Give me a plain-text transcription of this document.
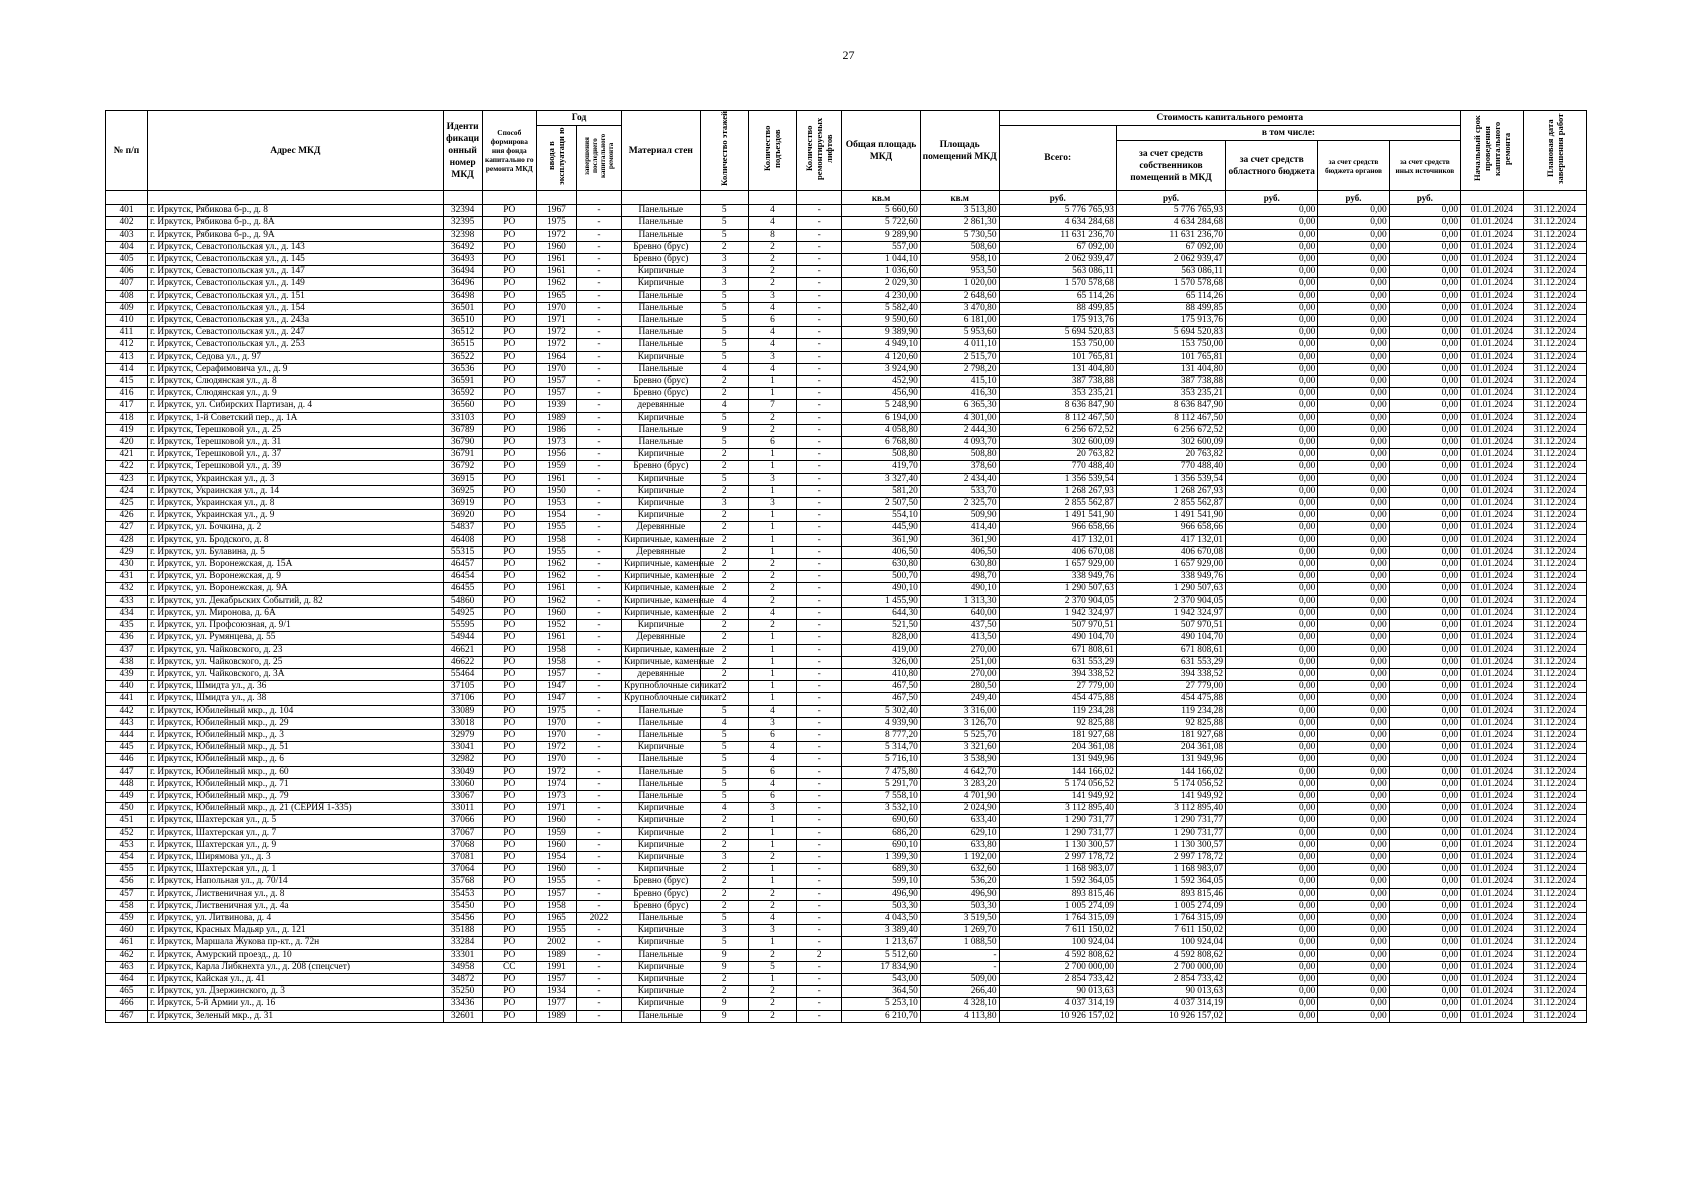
27
№ п/п	Адрес МКД	Иденти фикаци онный номер МКД	Способ формирова ния фонда капитально го ремонта МКД	Год		Материал стен	Количество этажей	Количество подъездов	Количество ремонтируемых лифтов	Общая площадь МКД	Площадь помещений МКД	Стоимость капитального ремонта					Начальный срок проведения капитального ремонта	Плановая дата завершения работ
				ввода в эксплуатаци ю	завершения последнего капитального ремонта							Всего:	в том числе:					
													за счет средств собственников помещений в МКД	за счет средств областного бюджета	за счет средств бюджета органов	за счет средств иных источников		
										кв.м	кв.м	руб.	руб.	руб.	руб.	руб.		
401	г. Иркутск, Рябикова б-р., д. 8	32394	РО	1967	-	Панельные	5	4	-	5 660,60	3 513,80	5 776 765,93	5 776 765,93	0,00	0,00	0,00	01.01.2024	31.12.2024
402	г. Иркутск, Рябикова б-р., д. 8А	32395	РО	1975	-	Панельные	5	4	-	5 722,60	2 861,30	4 634 284,68	4 634 284,68	0,00	0,00	0,00	01.01.2024	31.12.2024
403	г. Иркутск, Рябикова б-р., д. 9А	32398	РО	1972	-	Панельные	5	8	-	9 289,90	5 730,50	11 631 236,70	11 631 236,70	0,00	0,00	0,00	01.01.2024	31.12.2024
404	г. Иркутск, Севастопольская ул., д. 143	36492	РО	1960	-	Бревно (брус)	2	2	-	557,00	508,60	67 092,00	67 092,00	0,00	0,00	0,00	01.01.2024	31.12.2024
405	г. Иркутск, Севастопольская ул., д. 145	36493	РО	1961	-	Бревно (брус)	3	2	-	1 044,10	958,10	2 062 939,47	2 062 939,47	0,00	0,00	0,00	01.01.2024	31.12.2024
406	г. Иркутск, Севастопольская ул., д. 147	36494	РО	1961	-	Кирпичные	3	2	-	1 036,60	953,50	563 086,11	563 086,11	0,00	0,00	0,00	01.01.2024	31.12.2024
407	г. Иркутск, Севастопольская ул., д. 149	36496	РО	1962	-	Кирпичные	3	2	-	2 029,30	1 020,00	1 570 578,68	1 570 578,68	0,00	0,00	0,00	01.01.2024	31.12.2024
408	г. Иркутск, Севастопольская ул., д. 151	36498	РО	1965	-	Панельные	5	3	-	4 230,00	2 648,60	65 114,26	65 114,26	0,00	0,00	0,00	01.01.2024	31.12.2024
409	г. Иркутск, Севастопольская ул., д. 154	36501	РО	1970	-	Панельные	5	4	-	5 582,40	3 470,80	88 499,85	88 499,85	0,00	0,00	0,00	01.01.2024	31.12.2024
410	г. Иркутск, Севастопольская ул., д. 243а	36510	РО	1971	-	Панельные	5	6	-	9 590,60	6 181,00	175 913,76	175 913,76	0,00	0,00	0,00	01.01.2024	31.12.2024
411	г. Иркутск, Севастопольская ул., д. 247	36512	РО	1972	-	Панельные	5	4	-	9 389,90	5 953,60	5 694 520,83	5 694 520,83	0,00	0,00	0,00	01.01.2024	31.12.2024
412	г. Иркутск, Севастопольская ул., д. 253	36515	РО	1972	-	Панельные	5	4	-	4 949,10	4 011,10	153 750,00	153 750,00	0,00	0,00	0,00	01.01.2024	31.12.2024
413	г. Иркутск, Седова ул., д. 97	36522	РО	1964	-	Кирпичные	5	3	-	4 120,60	2 515,70	101 765,81	101 765,81	0,00	0,00	0,00	01.01.2024	31.12.2024
414	г. Иркутск, Серафимовича ул., д. 9	36536	РО	1970	-	Панельные	4	4	-	3 924,90	2 798,20	131 404,80	131 404,80	0,00	0,00	0,00	01.01.2024	31.12.2024
415	г. Иркутск, Слюдянская ул., д. 8	36591	РО	1957	-	Бревно (брус)	2	1	-	452,90	415,10	387 738,88	387 738,88	0,00	0,00	0,00	01.01.2024	31.12.2024
416	г. Иркутск, Слюдянская ул., д. 9	36592	РО	1957	-	Бревно (брус)	2	1	-	456,90	416,30	353 235,21	353 235,21	0,00	0,00	0,00	01.01.2024	31.12.2024
417	г. Иркутск, ул. Сибирских Партизан, д. 4	36560	РО	1939	-	деревянные	4	7	-	5 248,90	6 365,30	8 636 847,90	8 636 847,90	0,00	0,00	0,00	01.01.2024	31.12.2024
418	г. Иркутск, 1-й Советский пер., д. 1А	33103	РО	1989	-	Кирпичные	5	2	-	6 194,00	4 301,00	8 112 467,50	8 112 467,50	0,00	0,00	0,00	01.01.2024	31.12.2024
419	г. Иркутск, Терешковой ул., д. 25	36789	РО	1986	-	Панельные	9	2	-	4 058,80	2 444,30	6 256 672,52	6 256 672,52	0,00	0,00	0,00	01.01.2024	31.12.2024
420	г. Иркутск, Терешковой ул., д. 31	36790	РО	1973	-	Панельные	5	6	-	6 768,80	4 093,70	302 600,09	302 600,09	0,00	0,00	0,00	01.01.2024	31.12.2024
421	г. Иркутск, Терешковой ул., д. 37	36791	РО	1956	-	Кирпичные	2	1	-	508,80	508,80	20 763,82	20 763,82	0,00	0,00	0,00	01.01.2024	31.12.2024
422	г. Иркутск, Терешковой ул., д. 39	36792	РО	1959	-	Бревно (брус)	2	1	-	419,70	378,60	770 488,40	770 488,40	0,00	0,00	0,00	01.01.2024	31.12.2024
423	г. Иркутск, Украинская ул., д. 3	36915	РО	1961	-	Кирпичные	5	3	-	3 327,40	2 434,40	1 356 539,54	1 356 539,54	0,00	0,00	0,00	01.01.2024	31.12.2024
424	г. Иркутск, Украинская ул., д. 14	36925	РО	1950	-	Кирпичные	2	1	-	581,20	533,70	1 268 267,93	1 268 267,93	0,00	0,00	0,00	01.01.2024	31.12.2024
425	г. Иркутск, Украинская ул., д. 8	36919	РО	1953	-	Кирпичные	3	3	-	2 507,50	2 325,70	2 855 562,87	2 855 562,87	0,00	0,00	0,00	01.01.2024	31.12.2024
426	г. Иркутск, Украинская ул., д. 9	36920	РО	1954	-	Кирпичные	2	1	-	554,10	509,90	1 491 541,90	1 491 541,90	0,00	0,00	0,00	01.01.2024	31.12.2024
427	г. Иркутск, ул. Бочкина, д. 2	54837	РО	1955	-	Деревянные	2	1	-	445,90	414,40	966 658,66	966 658,66	0,00	0,00	0,00	01.01.2024	31.12.2024
428	г. Иркутск, ул. Бродского, д. 8	46408	РО	1958	-	Кирпичные, каменные	2	1	-	361,90	361,90	417 132,01	417 132,01	0,00	0,00	0,00	01.01.2024	31.12.2024
429	г. Иркутск, ул. Булавина, д. 5	55315	РО	1955	-	Деревянные	2	1	-	406,50	406,50	406 670,08	406 670,08	0,00	0,00	0,00	01.01.2024	31.12.2024
430	г. Иркутск, ул. Воронежская, д. 15А	46457	РО	1962	-	Кирпичные, каменные	2	2	-	630,80	630,80	1 657 929,00	1 657 929,00	0,00	0,00	0,00	01.01.2024	31.12.2024
431	г. Иркутск, ул. Воронежская, д. 9	46454	РО	1962	-	Кирпичные, каменные	2	2	-	500,70	498,70	338 949,76	338 949,76	0,00	0,00	0,00	01.01.2024	31.12.2024
432	г. Иркутск, ул. Воронежская, д. 9А	46455	РО	1961	-	Кирпичные, каменные	2	2	-	490,10	490,10	1 290 507,63	1 290 507,63	0,00	0,00	0,00	01.01.2024	31.12.2024
433	г. Иркутск, ул. Декабрьских Событий, д. 82	54860	РО	1962	-	Кирпичные, каменные	4	2	-	1 455,90	1 313,30	2 370 904,05	2 370 904,05	0,00	0,00	0,00	01.01.2024	31.12.2024
434	г. Иркутск, ул. Миронова, д. 6А	54925	РО	1960	-	Кирпичные, каменные	2	4	-	644,30	640,00	1 942 324,97	1 942 324,97	0,00	0,00	0,00	01.01.2024	31.12.2024
435	г. Иркутск, ул. Профсоюзная, д. 9/1	55595	РО	1952	-	Кирпичные	2	2	-	521,50	437,50	507 970,51	507 970,51	0,00	0,00	0,00	01.01.2024	31.12.2024
436	г. Иркутск, ул. Румянцева, д. 55	54944	РО	1961	-	Деревянные	2	1	-	828,00	413,50	490 104,70	490 104,70	0,00	0,00	0,00	01.01.2024	31.12.2024
437	г. Иркутск, ул. Чайковского, д. 23	46621	РО	1958	-	Кирпичные, каменные	2	1	-	419,00	270,00	671 808,61	671 808,61	0,00	0,00	0,00	01.01.2024	31.12.2024
438	г. Иркутск, ул. Чайковского, д. 25	46622	РО	1958	-	Кирпичные, каменные	2	1	-	326,00	251,00	631 553,29	631 553,29	0,00	0,00	0,00	01.01.2024	31.12.2024
439	г. Иркутск, ул. Чайковского, д. 3А	55464	РО	1957	-	деревянные	2	1	-	410,80	270,00	394 338,52	394 338,52	0,00	0,00	0,00	01.01.2024	31.12.2024
440	г. Иркутск, Шмидта ул., д. 36	37105	РО	1947	-	Крупноблочные силикат	2	1	-	467,50	280,50	27 779,00	27 779,00	0,00	0,00	0,00	01.01.2024	31.12.2024
441	г. Иркутск, Шмидта ул., д. 38	37106	РО	1947	-	Крупноблочные силикат	2	1	-	467,50	249,40	454 475,88	454 475,88	0,00	0,00	0,00	01.01.2024	31.12.2024
442	г. Иркутск, Юбилейный мкр., д. 104	33089	РО	1975	-	Панельные	5	4	-	5 302,40	3 316,00	119 234,28	119 234,28	0,00	0,00	0,00	01.01.2024	31.12.2024
443	г. Иркутск, Юбилейный мкр., д. 29	33018	РО	1970	-	Панельные	4	3	-	4 939,90	3 126,70	92 825,88	92 825,88	0,00	0,00	0,00	01.01.2024	31.12.2024
444	г. Иркутск, Юбилейный мкр., д. 3	32979	РО	1970	-	Панельные	5	6	-	8 777,20	5 525,70	181 927,68	181 927,68	0,00	0,00	0,00	01.01.2024	31.12.2024
445	г. Иркутск, Юбилейный мкр., д. 51	33041	РО	1972	-	Кирпичные	5	4	-	5 314,70	3 321,60	204 361,08	204 361,08	0,00	0,00	0,00	01.01.2024	31.12.2024
446	г. Иркутск, Юбилейный мкр., д. 6	32982	РО	1970	-	Панельные	5	4	-	5 716,10	3 538,90	131 949,96	131 949,96	0,00	0,00	0,00	01.01.2024	31.12.2024
447	г. Иркутск, Юбилейный мкр., д. 60	33049	РО	1972	-	Панельные	5	6	-	7 475,80	4 642,70	144 166,02	144 166,02	0,00	0,00	0,00	01.01.2024	31.12.2024
448	г. Иркутск, Юбилейный мкр., д. 71	33060	РО	1974	-	Панельные	5	4	-	5 291,70	3 283,20	5 174 056,52	5 174 056,52	0,00	0,00	0,00	01.01.2024	31.12.2024
449	г. Иркутск, Юбилейный мкр., д. 79	33067	РО	1973	-	Панельные	5	6	-	7 558,10	4 701,90	141 949,92	141 949,92	0,00	0,00	0,00	01.01.2024	31.12.2024
450	г. Иркутск, Юбилейный мкр., д. 21 (СЕРИЯ 1-335)	33011	РО	1971	-	Кирпичные	4	3	-	3 532,10	2 024,90	3 112 895,40	3 112 895,40	0,00	0,00	0,00	01.01.2024	31.12.2024
451	г. Иркутск, Шахтерская ул., д. 5	37066	РО	1960	-	Кирпичные	2	1	-	690,60	633,40	1 290 731,77	1 290 731,77	0,00	0,00	0,00	01.01.2024	31.12.2024
452	г. Иркутск, Шахтерская ул., д. 7	37067	РО	1959	-	Кирпичные	2	1	-	686,20	629,10	1 290 731,77	1 290 731,77	0,00	0,00	0,00	01.01.2024	31.12.2024
453	г. Иркутск, Шахтерская ул., д. 9	37068	РО	1960	-	Кирпичные	2	1	-	690,10	633,80	1 130 300,57	1 130 300,57	0,00	0,00	0,00	01.01.2024	31.12.2024
454	г. Иркутск, Ширямова ул., д. 3	37081	РО	1954	-	Кирпичные	3	2	-	1 399,30	1 192,00	2 997 178,72	2 997 178,72	0,00	0,00	0,00	01.01.2024	31.12.2024
455	г. Иркутск, Шахтерская ул., д. 1	37064	РО	1960	-	Кирпичные	2	1	-	689,30	632,60	1 168 983,07	1 168 983,07	0,00	0,00	0,00	01.01.2024	31.12.2024
456	г. Иркутск, Напольная ул., д. 70/14	35768	РО	1955	-	Бревно (брус)	2	1	-	599,10	536,20	1 592 364,05	1 592 364,05	0,00	0,00	0,00	01.01.2024	31.12.2024
457	г. Иркутск, Лиственичная ул., д. 8	35453	РО	1957	-	Бревно (брус)	2	2	-	496,90	496,90	893 815,46	893 815,46	0,00	0,00	0,00	01.01.2024	31.12.2024
458	г. Иркутск, Лиственичная ул., д. 4а	35450	РО	1958	-	Бревно (брус)	2	2	-	503,30	503,30	1 005 274,09	1 005 274,09	0,00	0,00	0,00	01.01.2024	31.12.2024
459	г. Иркутск, ул. Литвинова, д. 4	35456	РО	1965	2022	Панельные	5	4	-	4 043,50	3 519,50	1 764 315,09	1 764 315,09	0,00	0,00	0,00	01.01.2024	31.12.2024
460	г. Иркутск, Красных Мадьяр ул., д. 121	35188	РО	1955	-	Кирпичные	3	3	-	3 389,40	1 269,70	7 611 150,02	7 611 150,02	0,00	0,00	0,00	01.01.2024	31.12.2024
461	г. Иркутск, Маршала Жукова пр-кт., д. 72н	33284	РО	2002	-	Кирпичные	5	1	-	1 213,67	1 088,50	100 924,04	100 924,04	0,00	0,00	0,00	01.01.2024	31.12.2024
462	г. Иркутск, Амурский проезд., д. 10	33301	РО	1989	-	Панельные	9	2	2	5 512,60	-	4 592 808,62	4 592 808,62	0,00	0,00	0,00	01.01.2024	31.12.2024
463	г. Иркутск, Карла Либкнехта ул., д. 208 (спецсчет)	34958	СС	1991	-	Кирпичные	9	5	-	17 834,90	-	2 700 000,00	2 700 000,00	0,00	0,00	0,00	01.01.2024	31.12.2024
464	г. Иркутск, Кайская ул., д. 41	34872	РО	1957	-	Кирпичные	2	1	-	543,00	509,00	2 854 733,42	2 854 733,42	0,00	0,00	0,00	01.01.2024	31.12.2024
465	г. Иркутск, ул. Дзержинского, д. 3	35250	РО	1934	-	Кирпичные	2	2	-	364,50	266,40	90 013,63	90 013,63	0,00	0,00	0,00	01.01.2024	31.12.2024
466	г. Иркутск, 5-й Армии ул., д. 16	33436	РО	1977	-	Кирпичные	9	2	-	5 253,10	4 328,10	4 037 314,19	4 037 314,19	0,00	0,00	0,00	01.01.2024	31.12.2024
467	г. Иркутск, Зеленый мкр., д. 31	32601	РО	1989	-	Панельные	9	2	-	6 210,70	4 113,80	10 926 157,02	10 926 157,02	0,00	0,00	0,00	01.01.2024	31.12.2024
